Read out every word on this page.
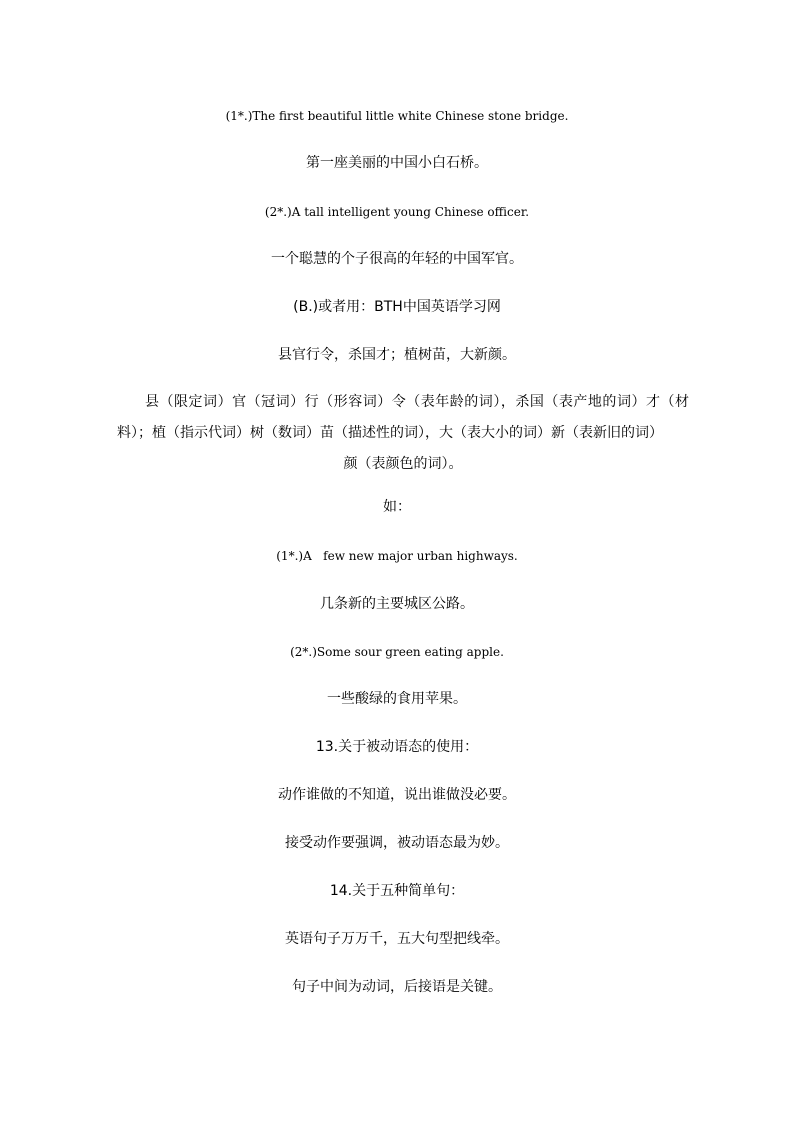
(1*.)The first beautiful little white Chinese stone bridge.
第一座美丽的中国小白石桥。
(2*.)A tall intelligent young Chinese officer.
一个聪慧的个子很高的年轻的中国军官。
(B.)或者用：BTH中国英语学习网
县官行令，杀国才；植树苗，大新颜。
县（限定词）官（冠词）行（形容词）令（表年龄的词），杀国（表产地的词）才（材料）；植（指示代词）树（数词）苗（描述性的词），大（表大小的词）新（表新旧的词）
颜（表颜色的词）。
如：
(1*.)A   few new major urban highways.
几条新的主要城区公路。
(2*.)Some sour green eating apple.
一些酸绿的食用苹果。
13.关于被动语态的使用：
动作谁做的不知道，说出谁做没必要。
接受动作要强调，被动语态最为妙。
14.关于五种简单句：
英语句子万万千，五大句型把线牵。
句子中间为动词，后接语是关键。
